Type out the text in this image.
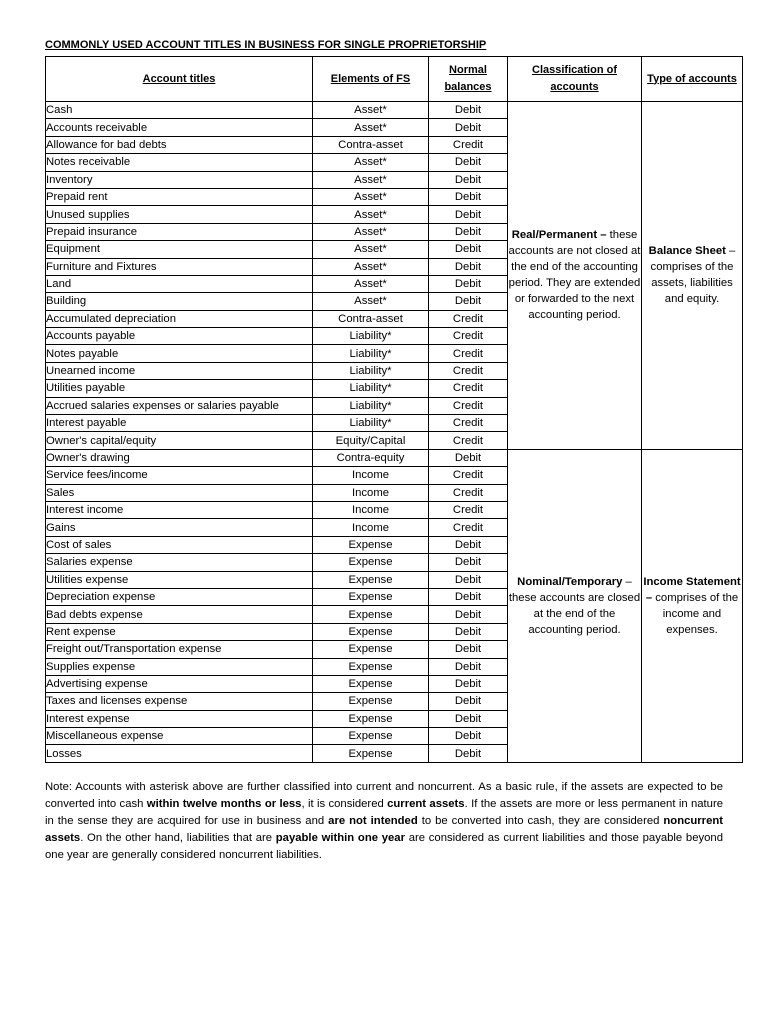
COMMONLY USED ACCOUNT TITLES IN BUSINESS FOR SINGLE PROPRIETORSHIP
Account titles	Elements of FS	Normal balances	Classification of accounts	Type of accounts
Cash	Asset*	Debit	Real/Permanent – these accounts are not closed at the end of the accounting period. They are extended or forwarded to the next accounting period.	Balance Sheet – comprises of the assets, liabilities and equity.
Accounts receivable	Asset*	Debit		
Allowance for bad debts	Contra-asset	Credit		
Notes receivable	Asset*	Debit		
Inventory	Asset*	Debit		
Prepaid rent	Asset*	Debit		
Unused supplies	Asset*	Debit		
Prepaid insurance	Asset*	Debit		
Equipment	Asset*	Debit		
Furniture and Fixtures	Asset*	Debit		
Land	Asset*	Debit		
Building	Asset*	Debit		
Accumulated depreciation	Contra-asset	Credit		
Accounts payable	Liability*	Credit		
Notes payable	Liability*	Credit		
Unearned income	Liability*	Credit		
Utilities payable	Liability*	Credit		
Accrued salaries expenses or salaries payable	Liability*	Credit		
Interest payable	Liability*	Credit		
Owner's capital/equity	Equity/Capital	Credit		
Owner's drawing	Contra-equity	Debit	Nominal/Temporary – these accounts are closed at the end of the accounting period.	Income Statement – comprises of the income and expenses.
Service fees/income	Income	Credit		
Sales	Income	Credit		
Interest income	Income	Credit		
Gains	Income	Credit		
Cost of sales	Expense	Debit		
Salaries expense	Expense	Debit		
Utilities expense	Expense	Debit		
Depreciation expense	Expense	Debit		
Bad debts expense	Expense	Debit		
Rent expense	Expense	Debit		
Freight out/Transportation expense	Expense	Debit		
Supplies expense	Expense	Debit		
Advertising expense	Expense	Debit		
Taxes and licenses expense	Expense	Debit		
Interest expense	Expense	Debit		
Miscellaneous expense	Expense	Debit		
Losses	Expense	Debit		
Note: Accounts with asterisk above are further classified into current and noncurrent. As a basic rule, if the assets are expected to be converted into cash within twelve months or less, it is considered current assets. If the assets are more or less permanent in nature in the sense they are acquired for use in business and are not intended to be converted into cash, they are considered noncurrent assets. On the other hand, liabilities that are payable within one year are considered as current liabilities and those payable beyond one year are generally considered noncurrent liabilities.
